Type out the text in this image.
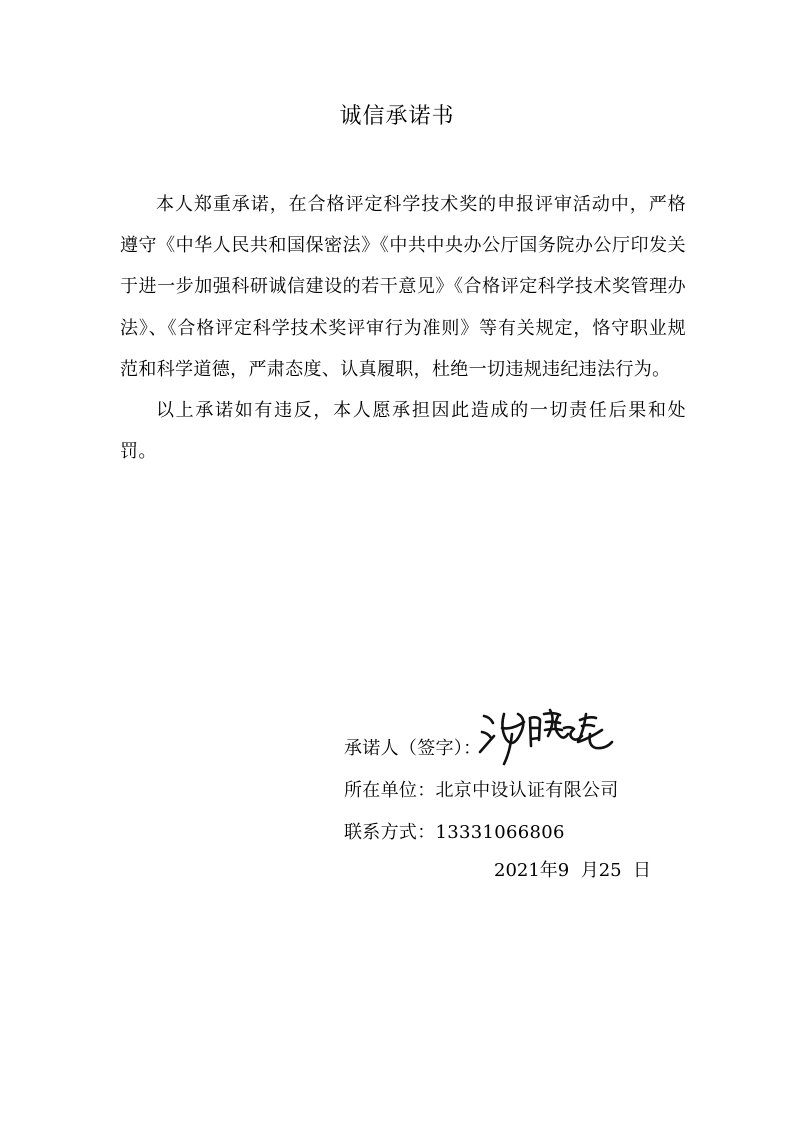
诚信承诺书

本人郑重承诺，在合格评定科学技术奖的申报评审活动中，严格遵守《中华人民共和国保密法》《中共中央办公厅国务院办公厅印发关于进一步加强科研诚信建设的若干意见》《合格评定科学技术奖管理办法》、《合格评定科学技术奖评审行为准则》等有关规定，恪守职业规范和科学道德，严肃态度、认真履职，杜绝一切违规违纪违法行为。

以上承诺如有违反，本人愿承担因此造成的一切责任后果和处罚。

承诺人（签字）：
所在单位：北京中设认证有限公司
联系方式：13331066806
2021年9  月25  日
